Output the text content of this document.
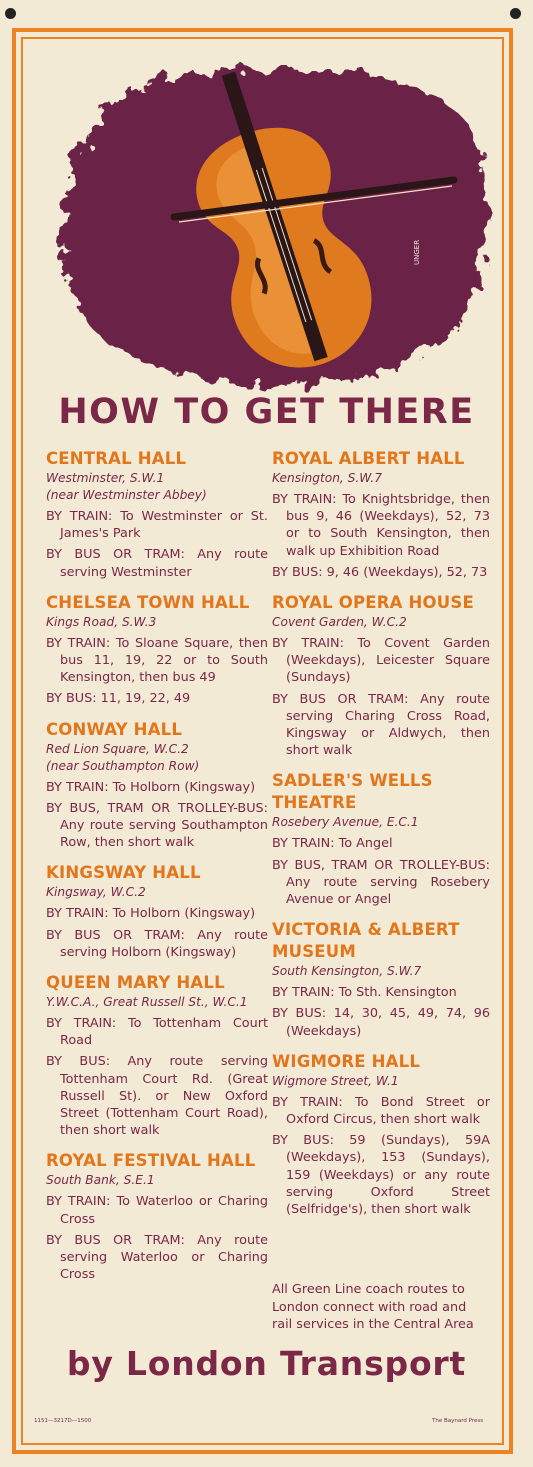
UNGER
HOW TO GET THERE
CENTRAL HALL
Westminster, S.W.1
(near Westminster Abbey)
BY TRAIN: To Westminster or St. James's Park
BY BUS OR TRAM: Any route serving Westminster
CHELSEA TOWN HALL
Kings Road, S.W.3
BY TRAIN: To Sloane Square, then bus 11, 19, 22 or to South Kensington, then bus 49
BY BUS: 11, 19, 22, 49
CONWAY HALL
Red Lion Square, W.C.2
(near Southampton Row)
BY TRAIN: To Holborn (Kingsway)
BY BUS, TRAM OR TROLLEY-BUS: Any route serving Southampton Row, then short walk
KINGSWAY HALL
Kingsway, W.C.2
BY TRAIN: To Holborn (Kingsway)
BY BUS OR TRAM: Any route serving Holborn (Kingsway)
QUEEN MARY HALL
Y.W.C.A., Great Russell St., W.C.1
BY TRAIN: To Tottenham Court Road
BY BUS: Any route serving Tottenham Court Rd. (Great Russell St). or New Oxford Street (Tottenham Court Road), then short walk
ROYAL FESTIVAL HALL
South Bank, S.E.1
BY TRAIN: To Waterloo or Charing Cross
BY BUS OR TRAM: Any route serving Waterloo or Charing Cross
ROYAL ALBERT HALL
Kensington, S.W.7
BY TRAIN: To Knightsbridge, then bus 9, 46 (Weekdays), 52, 73 or to South Kensington, then walk up Exhibition Road
BY BUS: 9, 46 (Weekdays), 52, 73
ROYAL OPERA HOUSE
Covent Garden, W.C.2
BY TRAIN: To Covent Garden (Weekdays), Leicester Square (Sundays)
BY BUS OR TRAM: Any route serving Charing Cross Road, Kingsway or Aldwych, then short walk
SADLER'S WELLS THEATRE
Rosebery Avenue, E.C.1
BY TRAIN: To Angel
BY BUS, TRAM OR TROLLEY-BUS: Any route serving Rosebery Avenue or Angel
VICTORIA & ALBERT MUSEUM
South Kensington, S.W.7
BY TRAIN: To Sth. Kensington
BY BUS: 14, 30, 45, 49, 74, 96 (Weekdays)
WIGMORE HALL
Wigmore Street, W.1
BY TRAIN: To Bond Street or Oxford Circus, then short walk
BY BUS: 59 (Sundays), 59A (Weekdays), 153 (Sundays), 159 (Weekdays) or any route serving Oxford Street (Selfridge's), then short walk
All Green Line coach routes to London connect with road and rail services in the Central Area
by London Transport
1151—3217D—1500	The Baynard Press
